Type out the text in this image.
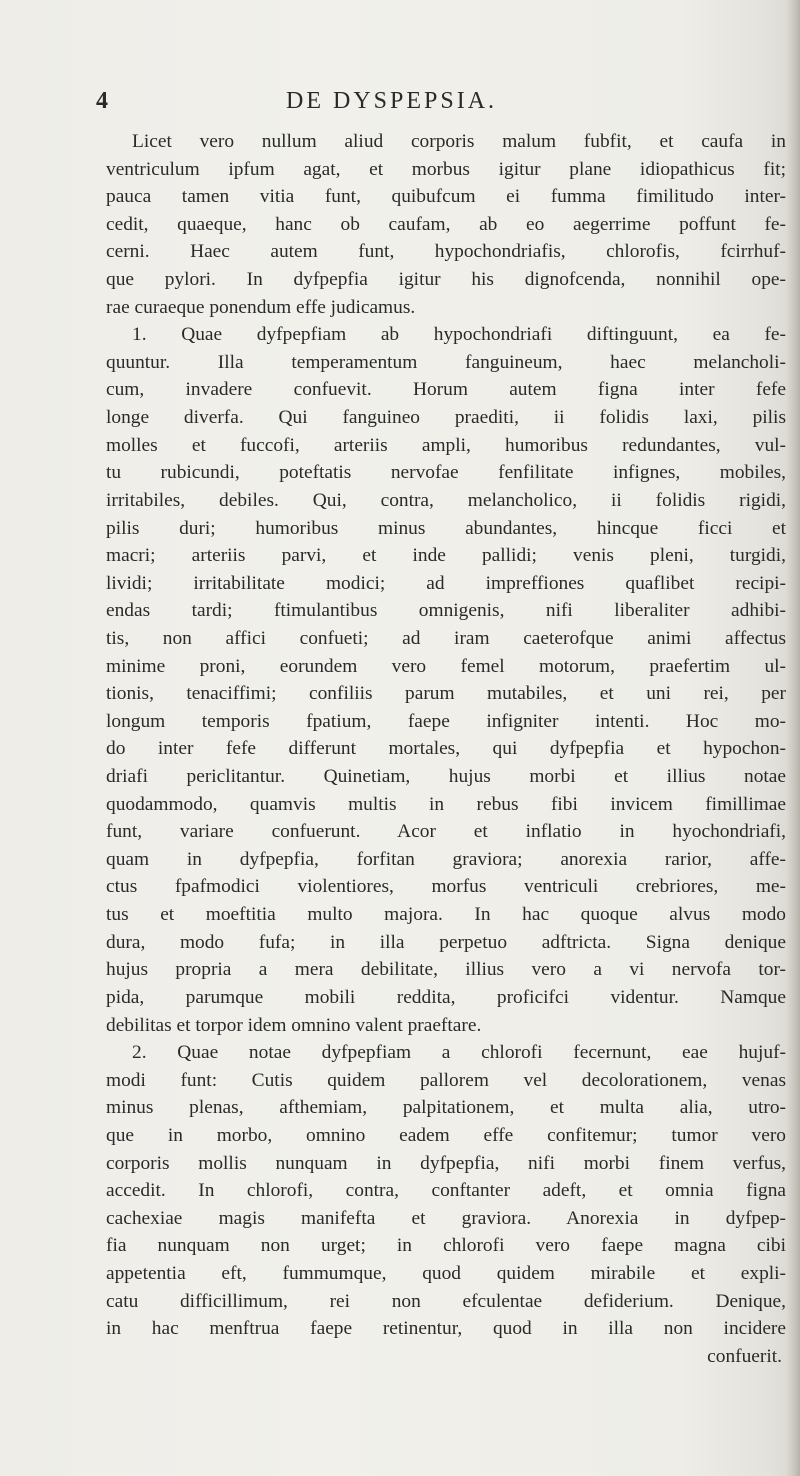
4	DE DYSPEPSIA.
Licet vero nullum aliud corporis malum fubfit, et caufa in
ventriculum ipfum agat, et morbus igitur plane idiopathicus fit;
pauca tamen vitia funt, quibufcum ei fumma fimilitudo inter-
cedit, quaeque, hanc ob caufam, ab eo aegerrime poffunt fe-
cerni. Haec autem funt, hypochondriafis, chlorofis, fcirrhuf-
que pylori. In dyfpepfia igitur his dignofcenda, nonnihil ope-
rae curaeque ponendum effe judicamus.
1. Quae dyfpepfiam ab hypochondriafi diftinguunt, ea fe-
quuntur. Illa temperamentum fanguineum, haec melancholi-
cum, invadere confuevit. Horum autem figna inter fefe
longe diverfa. Qui fanguineo praediti, ii folidis laxi, pilis
molles et fuccofi, arteriis ampli, humoribus redundantes, vul-
tu rubicundi, poteftatis nervofae fenfilitate infignes, mobiles,
irritabiles, debiles. Qui, contra, melancholico, ii folidis rigidi,
pilis duri; humoribus minus abundantes, hincque ficci et
macri; arteriis parvi, et inde pallidi; venis pleni, turgidi,
lividi; irritabilitate modici; ad impreffiones quaflibet recipi-
endas tardi; ftimulantibus omnigenis, nifi liberaliter adhibi-
tis, non affici confueti; ad iram caeterofque animi affectus
minime proni, eorundem vero femel motorum, praefertim ul-
tionis, tenaciffimi; confiliis parum mutabiles, et uni rei, per
longum temporis fpatium, faepe infigniter intenti. Hoc mo-
do inter fefe differunt mortales, qui dyfpepfia et hypochon-
driafi periclitantur. Quinetiam, hujus morbi et illius notae
quodammodo, quamvis multis in rebus fibi invicem fimillimae
funt, variare confuerunt. Acor et inflatio in hyochondriafi,
quam in dyfpepfia, forfitan graviora; anorexia rarior, affe-
ctus fpafmodici violentiores, morfus ventriculi crebriores, me-
tus et moeftitia multo majora. In hac quoque alvus modo
dura, modo fufa; in illa perpetuo adftricta. Signa denique
hujus propria a mera debilitate, illius vero a vi nervofa tor-
pida, parumque mobili reddita, proficifci videntur. Namque
debilitas et torpor idem omnino valent praeftare.
2. Quae notae dyfpepfiam a chlorofi fecernunt, eae hujuf-
modi funt: Cutis quidem pallorem vel decolorationem, venas
minus plenas, afthemiam, palpitationem, et multa alia, utro-
que in morbo, omnino eadem effe confitemur; tumor vero
corporis mollis nunquam in dyfpepfia, nifi morbi finem verfus,
accedit. In chlorofi, contra, conftanter adeft, et omnia figna
cachexiae magis manifefta et graviora. Anorexia in dyfpep-
fia nunquam non urget; in chlorofi vero faepe magna cibi
appetentia eft, fummumque, quod quidem mirabile et expli-
catu difficillimum, rei non efculentae defiderium. Denique,
in hac menftrua faepe retinentur, quod in illa non incidere
confuerit.
